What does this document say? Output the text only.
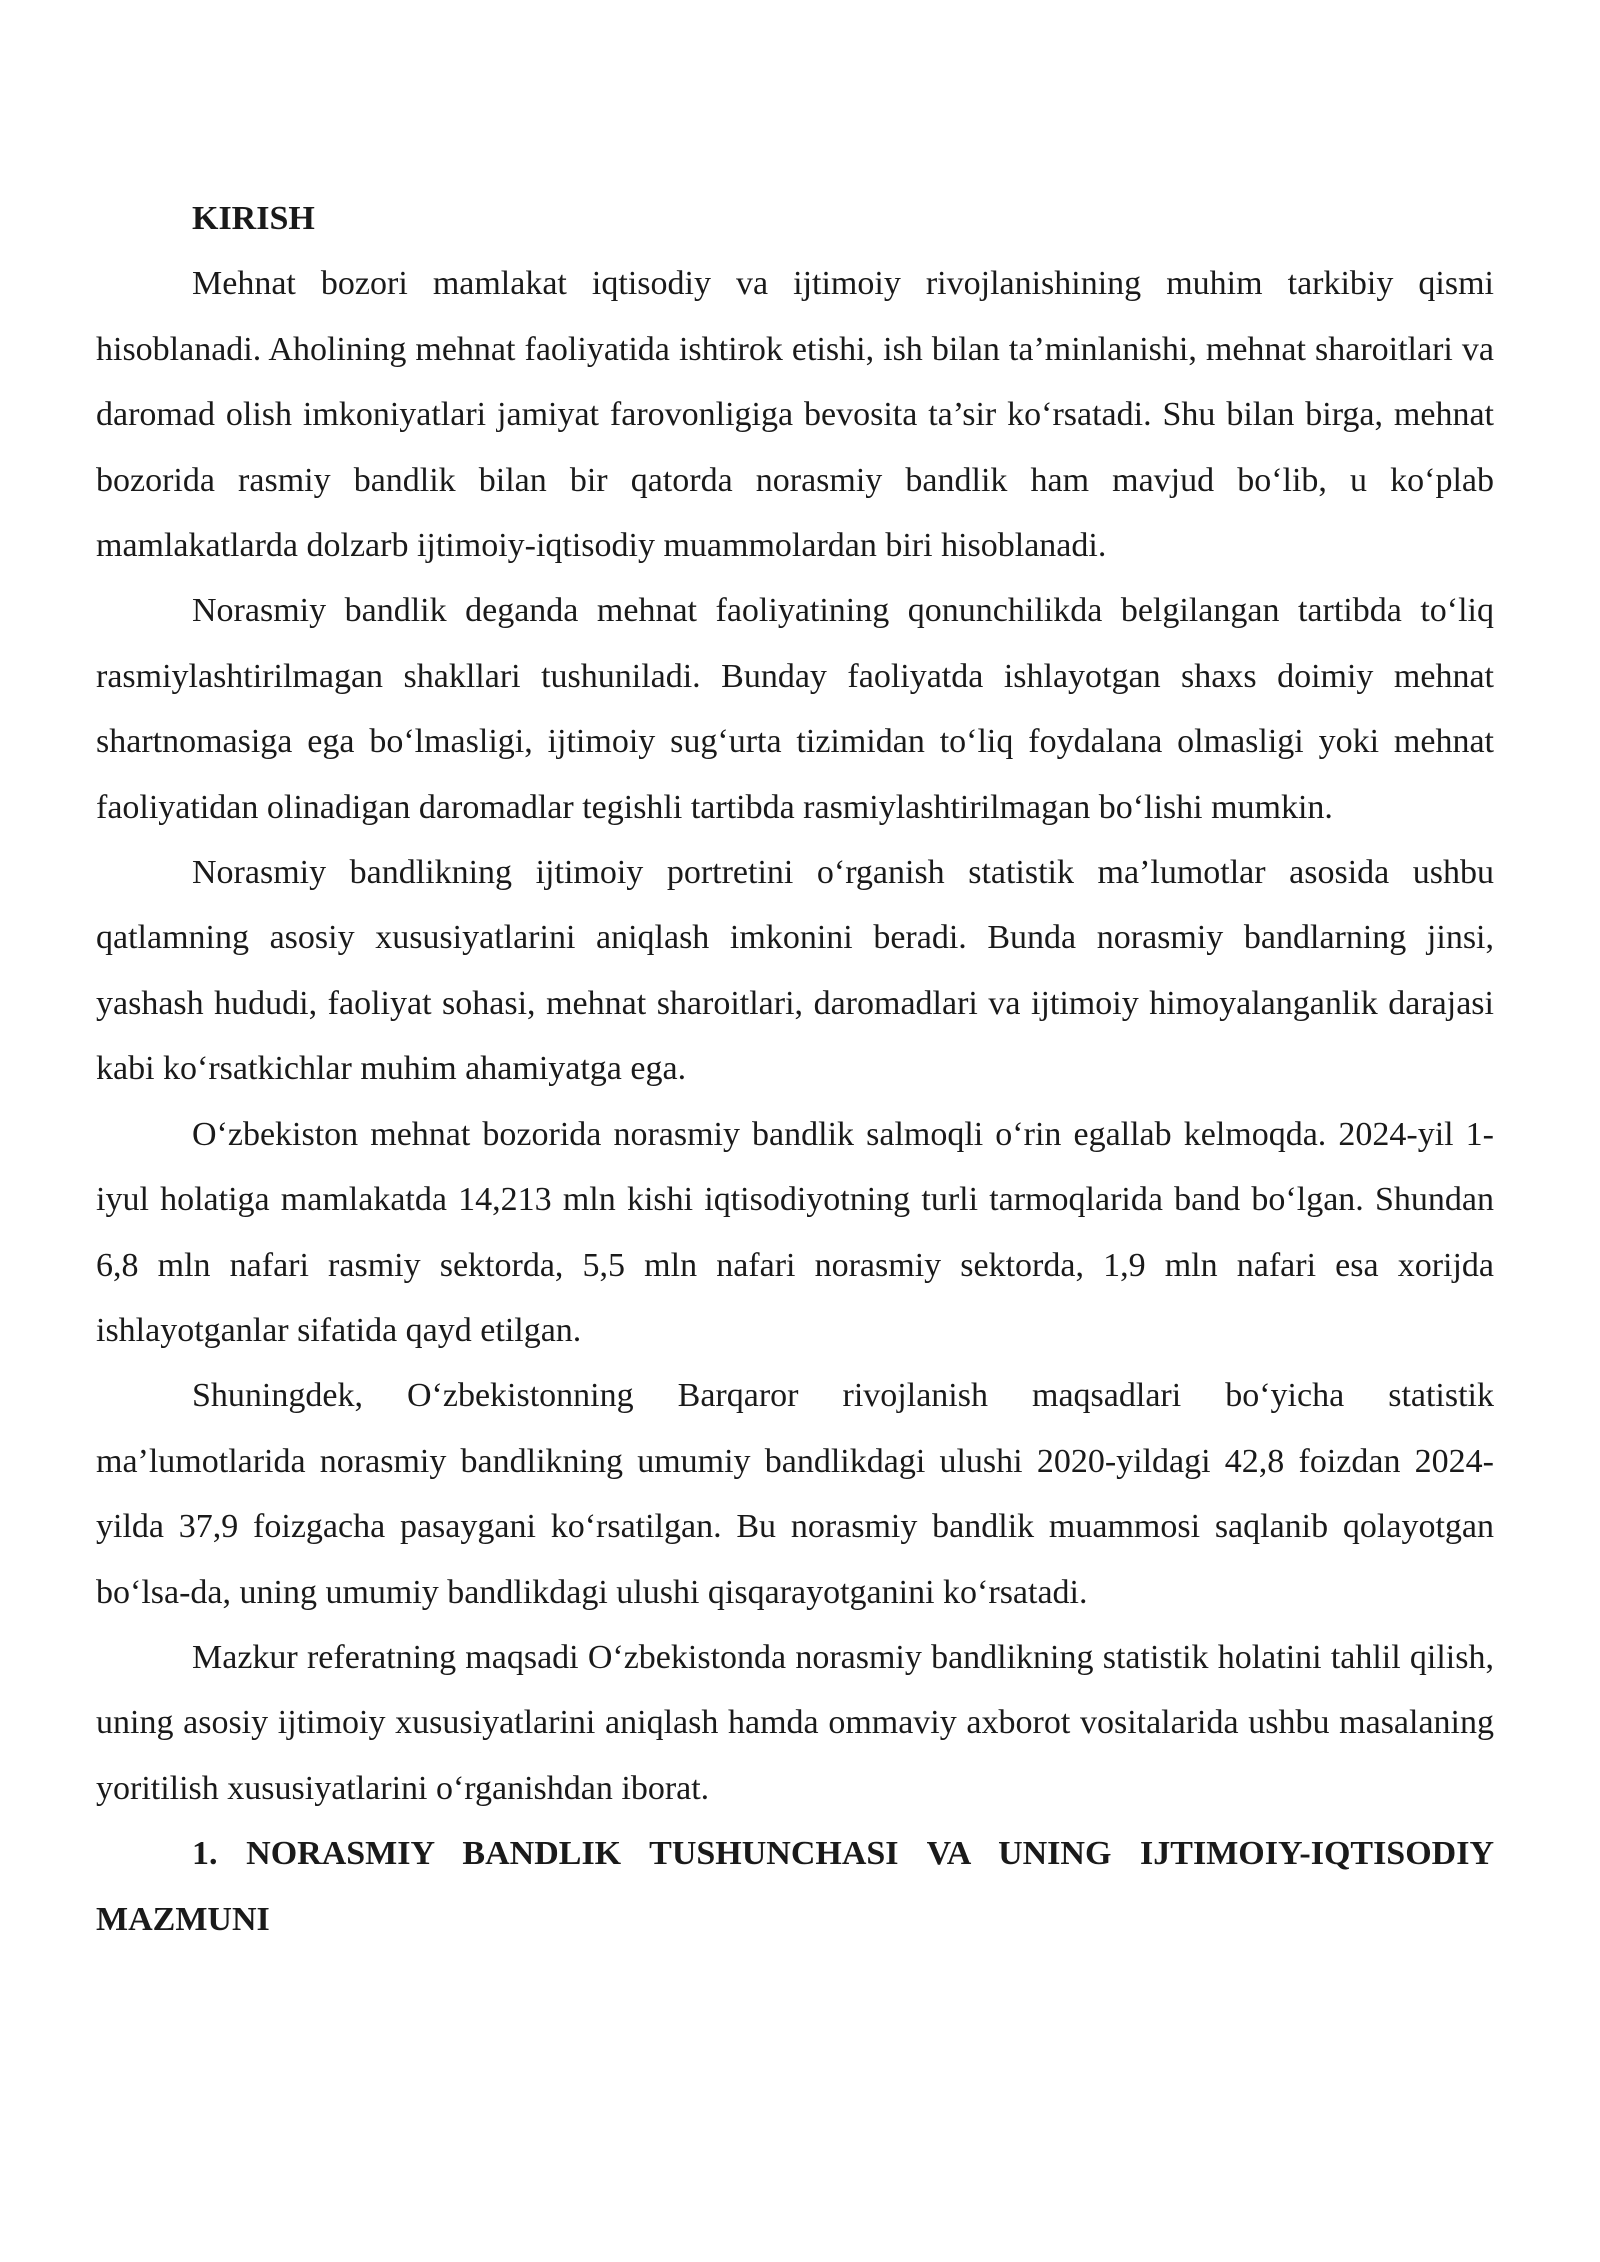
KIRISH

Mehnat bozori mamlakat iqtisodiy va ijtimoiy rivojlanishining muhim tarkibiy qismi hisoblanadi. Aholining mehnat faoliyatida ishtirok etishi, ish bilan ta’minlanishi, mehnat sharoitlari va daromad olish imkoniyatlari jamiyat farovonligiga bevosita ta’sir ko‘rsatadi. Shu bilan birga, mehnat bozorida rasmiy bandlik bilan bir qatorda norasmiy bandlik ham mavjud bo‘lib, u ko‘plab mamlakatlarda dolzarb ijtimoiy-iqtisodiy muammolardan biri hisoblanadi.

Norasmiy bandlik deganda mehnat faoliyatining qonunchilikda belgilangan tartibda to‘liq rasmiylashtirilmagan shakllari tushuniladi. Bunday faoliyatda ishlayotgan shaxs doimiy mehnat shartnomasiga ega bo‘lmasligi, ijtimoiy sug‘urta tizimidan to‘liq foydalana olmasligi yoki mehnat faoliyatidan olinadigan daromadlar tegishli tartibda rasmiylashtirilmagan bo‘lishi mumkin.

Norasmiy bandlikning ijtimoiy portretini o‘rganish statistik ma’lumotlar asosida ushbu qatlamning asosiy xususiyatlarini aniqlash imkonini beradi. Bunda norasmiy bandlarning jinsi, yashash hududi, faoliyat sohasi, mehnat sharoitlari, daromadlari va ijtimoiy himoyalanganlik darajasi kabi ko‘rsatkichlar muhim ahamiyatga ega.

O‘zbekiston mehnat bozorida norasmiy bandlik salmoqli o‘rin egallab kelmoqda. 2024-yil 1-iyul holatiga mamlakatda 14,213 mln kishi iqtisodiyotning turli tarmoqlarida band bo‘lgan. Shundan 6,8 mln nafari rasmiy sektorda, 5,5 mln nafari norasmiy sektorda, 1,9 mln nafari esa xorijda ishlayotganlar sifatida qayd etilgan.

Shuningdek, O‘zbekistonning Barqaror rivojlanish maqsadlari bo‘yicha statistik ma’lumotlarida norasmiy bandlikning umumiy bandlikdagi ulushi 2020-yildagi 42,8 foizdan 2024-yilda 37,9 foizgacha pasaygani ko‘rsatilgan. Bu norasmiy bandlik muammosi saqlanib qolayotgan bo‘lsa-da, uning umumiy bandlikdagi ulushi qisqarayotganini ko‘rsatadi.

Mazkur referatning maqsadi O‘zbekistonda norasmiy bandlikning statistik holatini tahlil qilish, uning asosiy ijtimoiy xususiyatlarini aniqlash hamda ommaviy axborot vositalarida ushbu masalaning yoritilish xususiyatlarini o‘rganishdan iborat.

1. NORASMIY BANDLIK TUSHUNCHASI VA UNING IJTIMOIY-IQTISODIY MAZMUNI
